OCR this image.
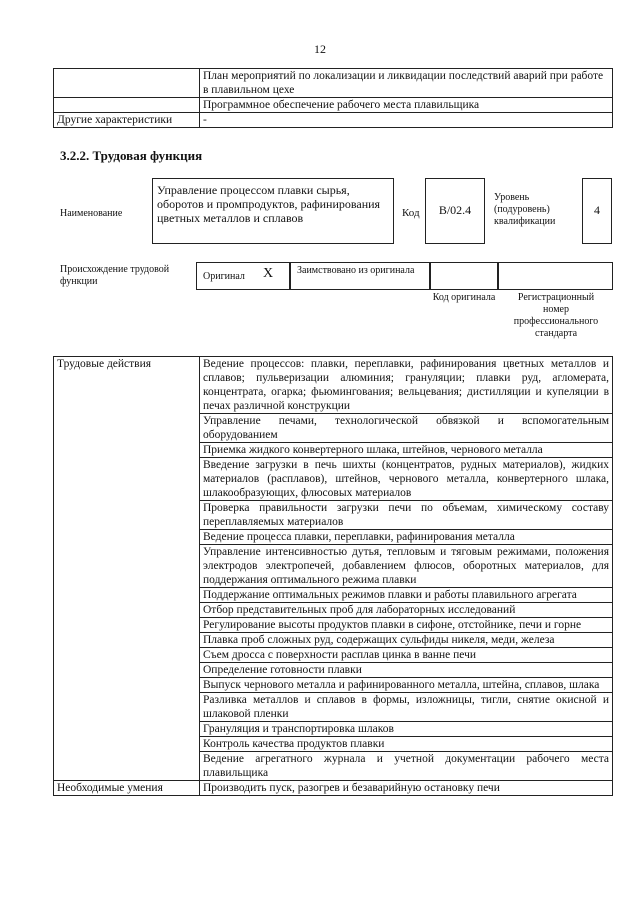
12
	План мероприятий по локализации и ликвидации последствий аварий при работе в плавильном цехе
	Программное обеспечение рабочего места плавильщика
Другие характеристики	-
3.2.2. Трудовая функция
Наименование
Управление процессом плавки сырья, оборотов и промпродуктов, рафинирования цветных металлов и сплавов	Код	B/02.4
Уровень (подуровень) квалификации
4
Происхождение трудовой функции	Оригинал X Заимствовано из оригинала
Код оригинала	Регистрационный номер профессионального стандарта
Трудовые действия	Ведение процессов: плавки, переплавки, рафинирования цветных металлов и сплавов; пульверизации алюминия; грануляции; плавки руд, агломерата, концентрата, огарка; фьюмингования; вельцевания; дистилляции и купеляции в печах различной конструкции
	Управление печами, технологической обвязкой и вспомогательным оборудованием
	Приемка жидкого конвертерного шлака, штейнов, чернового металла
	Введение загрузки в печь шихты (концентратов, рудных материалов), жидких материалов (расплавов), штейнов, чернового металла, конвертерного шлака, шлакообразующих, флюсовых материалов
	Проверка правильности загрузки печи по объемам, химическому составу переплавляемых материалов
	Ведение процесса плавки, переплавки, рафинирования металла
	Управление интенсивностью дутья, тепловым и тяговым режимами, положения электродов электропечей, добавлением флюсов, оборотных материалов, для поддержания оптимального режима плавки
	Поддержание оптимальных режимов плавки и работы плавильного агрегата
	Отбор представительных проб для лабораторных исследований
	Регулирование высоты продуктов плавки в сифоне, отстойнике, печи и горне
	Плавка проб сложных руд, содержащих сульфиды никеля, меди, железа
	Съем дросса с поверхности расплав цинка в ванне печи
	Определение готовности плавки
	Выпуск чернового металла и рафинированного металла, штейна, сплавов, шлака
	Разливка металлов и сплавов в формы, изложницы, тигли, снятие окисной и шлаковой пленки
	Грануляция и транспортировка шлаков
	Контроль качества продуктов плавки
	Ведение агрегатного журнала и учетной документации рабочего места плавильщика
Необходимые умения	Производить пуск, разогрев и безаварийную остановку печи
